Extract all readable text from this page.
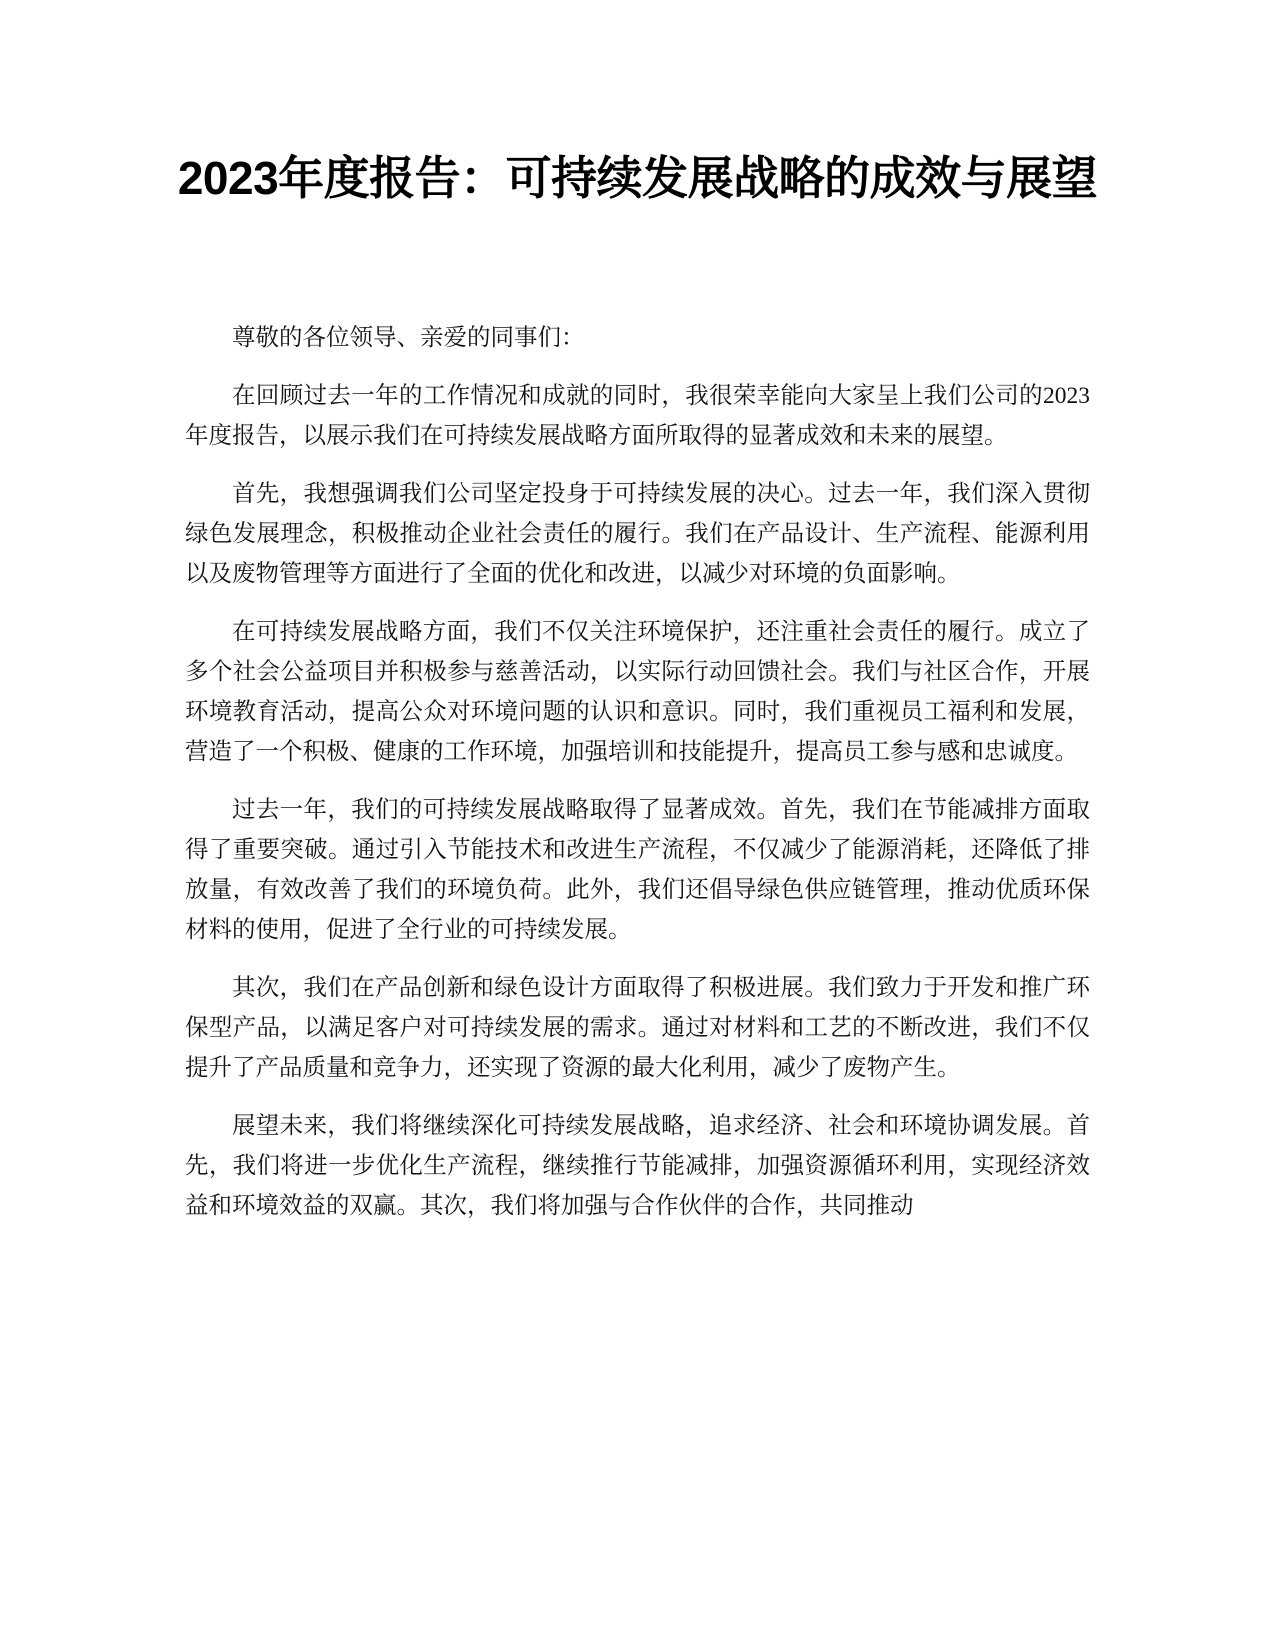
2023年度报告：可持续发展战略的成效与展望

尊敬的各位领导、亲爱的同事们：

在回顾过去一年的工作情况和成就的同时，我很荣幸能向大家呈上我们公司的2023年度报告，以展示我们在可持续发展战略方面所取得的显著成效和未来的展望。

首先，我想强调我们公司坚定投身于可持续发展的决心。过去一年，我们深入贯彻绿色发展理念，积极推动企业社会责任的履行。我们在产品设计、生产流程、能源利用以及废物管理等方面进行了全面的优化和改进，以减少对环境的负面影响。

在可持续发展战略方面，我们不仅关注环境保护，还注重社会责任的履行。成立了多个社会公益项目并积极参与慈善活动，以实际行动回馈社会。我们与社区合作，开展环境教育活动，提高公众对环境问题的认识和意识。同时，我们重视员工福利和发展，营造了一个积极、健康的工作环境，加强培训和技能提升，提高员工参与感和忠诚度。

过去一年，我们的可持续发展战略取得了显著成效。首先，我们在节能减排方面取得了重要突破。通过引入节能技术和改进生产流程，不仅减少了能源消耗，还降低了排放量，有效改善了我们的环境负荷。此外，我们还倡导绿色供应链管理，推动优质环保材料的使用，促进了全行业的可持续发展。

其次，我们在产品创新和绿色设计方面取得了积极进展。我们致力于开发和推广环保型产品，以满足客户对可持续发展的需求。通过对材料和工艺的不断改进，我们不仅提升了产品质量和竞争力，还实现了资源的最大化利用，减少了废物产生。

展望未来，我们将继续深化可持续发展战略，追求经济、社会和环境协调发展。首先，我们将进一步优化生产流程，继续推行节能减排，加强资源循环利用，实现经济效益和环境效益的双赢。其次，我们将加强与合作伙伴的合作，共同推动
